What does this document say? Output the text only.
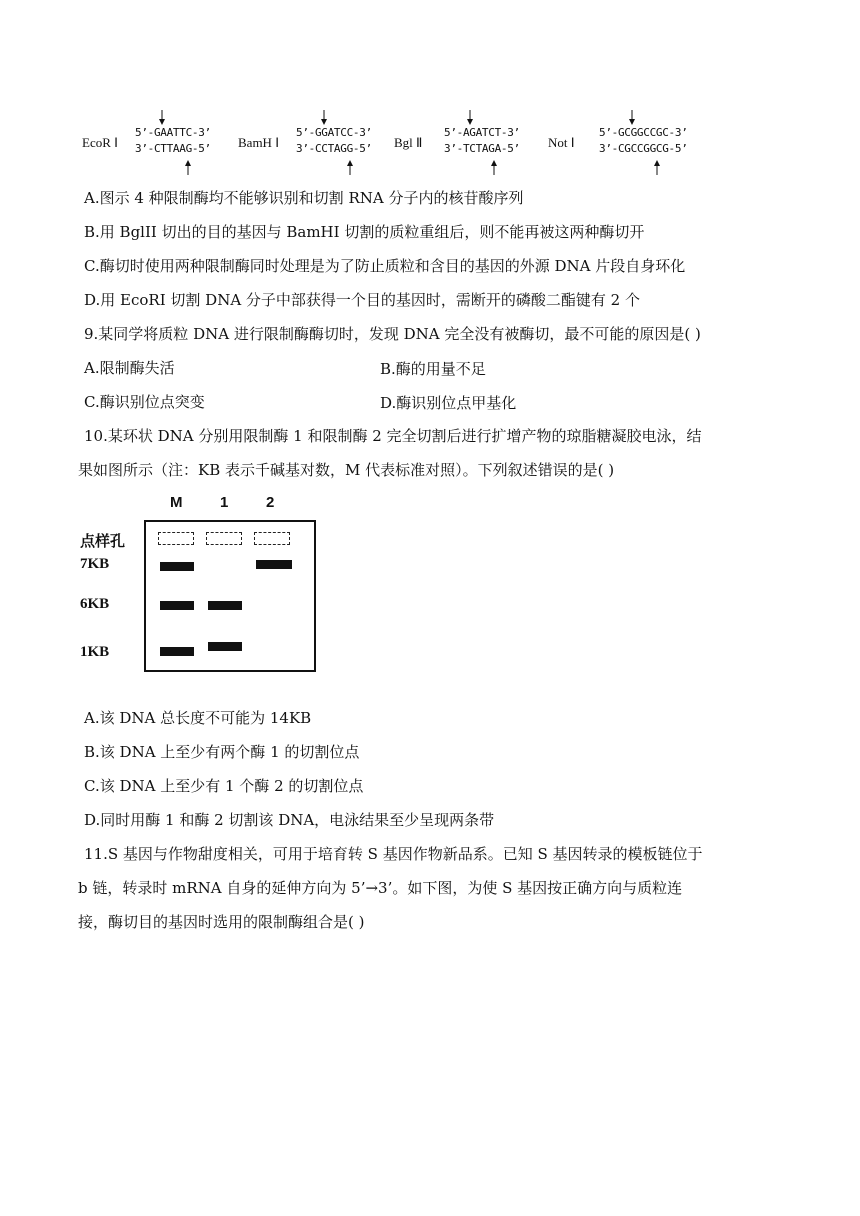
EcoR Ⅰ
5’-GAATTC-3’
3’-CTTAAG-5’ BamH Ⅰ
5’-GGATCC-3’
3’-CCTAGG-5’ Bgl Ⅱ
5’-AGATCT-3’
3’-TCTAGA-5’ Not Ⅰ
5’-GCGGCCGC-3’
3’-CGCCGGCG-5’
A.图示 4 种限制酶均不能够识别和切割 RNA 分子内的核苷酸序列
B.用 BglII 切出的目的基因与 BamHI 切割的质粒重组后，则不能再被这两种酶切开
C.酶切时使用两种限制酶同时处理是为了防止质粒和含目的基因的外源 DNA 片段自身环化
D.用 EcoRI 切割 DNA 分子中部获得一个目的基因时，需断开的磷酸二酯键有 2 个
9.某同学将质粒 DNA 进行限制酶酶切时，发现 DNA 完全没有被酶切，最不可能的原因是( )
A.限制酶失活	B.酶的用量不足
C.酶识别位点突变	D.酶识别位点甲基化
10.某环状 DNA 分别用限制酶 1 和限制酶 2 完全切割后进行扩增产物的琼脂糖凝胶电泳，结
果如图所示（注：KB 表示千碱基对数，M 代表标准对照）。下列叙述错误的是( )
M	1	2
点样孔
7KB
6KB
1KB
A.该 DNA 总长度不可能为 14KB
B.该 DNA 上至少有两个酶 1 的切割位点
C.该 DNA 上至少有 1 个酶 2 的切割位点
D.同时用酶 1 和酶 2 切割该 DNA，电泳结果至少呈现两条带
11.S 基因与作物甜度相关，可用于培育转 S 基因作物新品系。已知 S 基因转录的模板链位于
b 链，转录时 mRNA 自身的延伸方向为 5’→3’。如下图，为使 S 基因按正确方向与质粒连
接，酶切目的基因时选用的限制酶组合是( )
